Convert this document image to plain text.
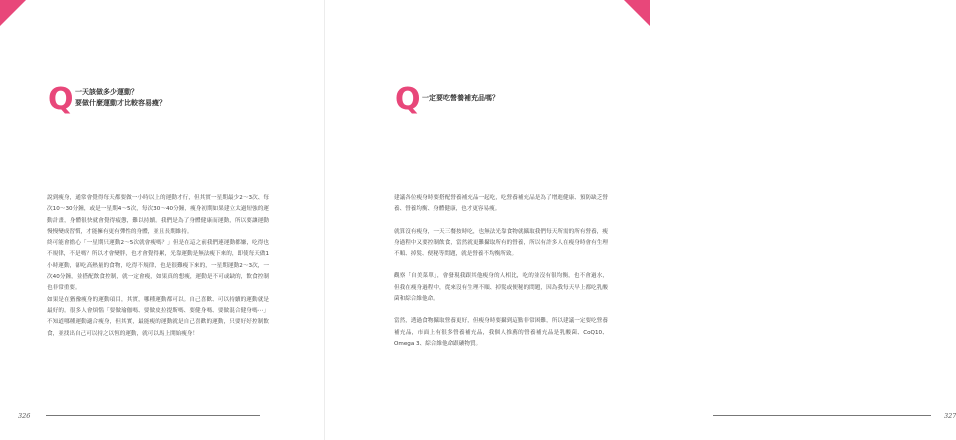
Q 一天該做多少運動？
要做什麼運動才比較容易瘦？

說到瘦身，通常會覺得每天都要做一小時以上的運動才行，但其實一星期最少2～3次、每次10～30分鐘，或是一星期4～5次，每次30～40分鐘，瘦身初期如果建立太過短強的運動計畫，身體很快就會覺得疲憊，難以持續。我們是為了身體健康而運動，所以要讓運動慢慢變成習慣，才能擁有更有彈性的身體，並且長期維持。

終可能會擔心「一星期只運動2～5次就會瘦嗎？」但是在這之前我們連運動都嫌，吃得也不規律，不是嗎？所以才會變胖，也才會覺得累，光靠運動是無法瘦下來的，即使每天做1小時運動，卻吃高熱量的食物，吃得不規律，也是很難瘦下來的，一星期運動2～3次，一次40分鐘，並搭配飲食控制，就一定會瘦，如果真的想瘦，運動是不可或缺的，飲食控制也非常重要。

如果是在猶豫瘦身的運動項目，其實，哪種運動都可以。自己喜歡、可以持續的運動就是最好的。很多人會煩惱「要做瑜伽嗎、要做皮拉提斯嗎、要健身嗎、要做混合健身嗎⋯」不知道哪種運動適合瘦身，但其實，最能瘦的運動就是自己喜歡的運動，只要好好控制飲食，並找出自己可以持之以恆的運動，就可以馬上開始瘦身！

326	327
Q 一定要吃營養補充品嗎？

建議各位瘦身時要搭配營養補充品一起吃，吃營養補充品是為了增進健康、預防缺乏營養、營養均衡、身體健康，也才更容易瘦。

就算沒有瘦身，一天三餐按時吃，也無法光靠食物就攝取我們每天所需的所有營養，瘦身過程中又要控制飲食，當然就更難攝取所有的營養，所以有許多人在瘦身時會有生理不順、掉髮、便秘等問題，就是營養不均衡所致。

觀察「自美菜單」，會發現我跟其他瘦身的人相比，吃的並沒有很均衡，也不會過水，但我在瘦身過程中，從來沒有生理不順、掉髮或便秘的問題，因為我每天早上都吃乳酸菌和綜合維他命。

當然，透過食物攝取營養更好，但瘦身時要攝到這點非常困難，所以建議一定要吃營養補充品，市面上有很多營養補充品，我個人推薦的營養補充品是乳酸菌、CoQ10、Omega 3、綜合維他命跟礦物質。
